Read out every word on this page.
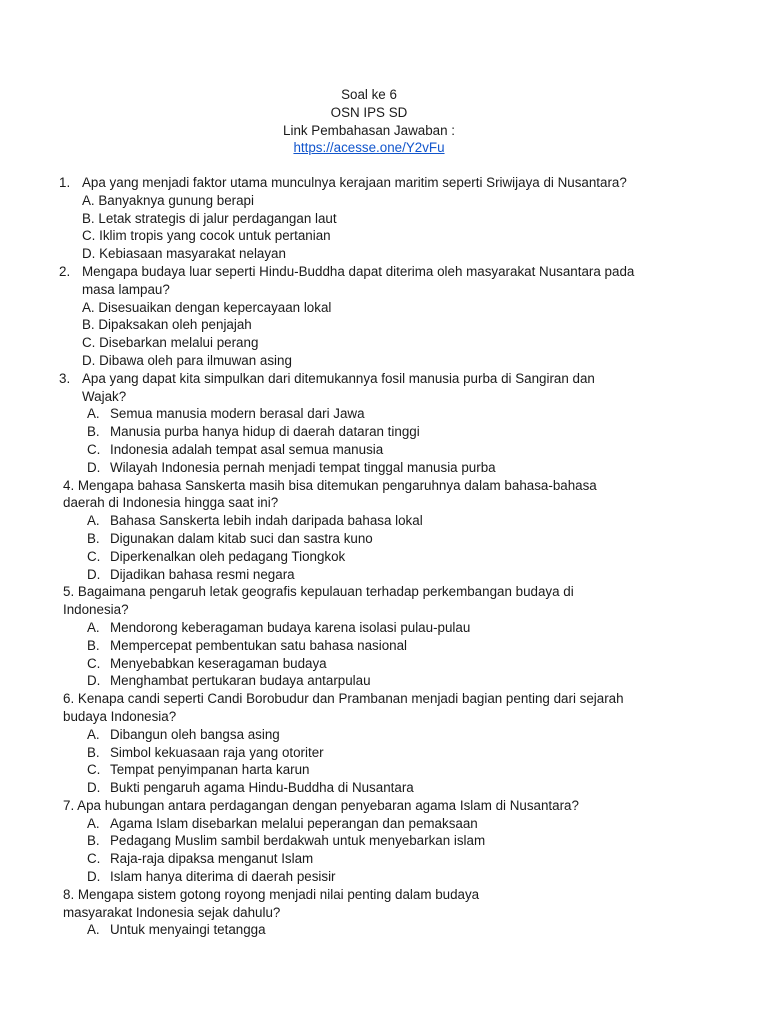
Soal ke 6
OSN IPS SD
Link Pembahasan Jawaban :
https://acesse.one/Y2vFu
1. Apa yang menjadi faktor utama munculnya kerajaan maritim seperti Sriwijaya di Nusantara?
A. Banyaknya gunung berapi
B. Letak strategis di jalur perdagangan laut
C. Iklim tropis yang cocok untuk pertanian
D. Kebiasaan masyarakat nelayan
2. Mengapa budaya luar seperti Hindu-Buddha dapat diterima oleh masyarakat Nusantara pada
masa lampau?
A. Disesuaikan dengan kepercayaan lokal
B. Dipaksakan oleh penjajah
C. Disebarkan melalui perang
D. Dibawa oleh para ilmuwan asing
3. Apa yang dapat kita simpulkan dari ditemukannya fosil manusia purba di Sangiran dan
Wajak?
A. Semua manusia modern berasal dari Jawa
B. Manusia purba hanya hidup di daerah dataran tinggi
C. Indonesia adalah tempat asal semua manusia
D. Wilayah Indonesia pernah menjadi tempat tinggal manusia purba
4. Mengapa bahasa Sanskerta masih bisa ditemukan pengaruhnya dalam bahasa-bahasa
daerah di Indonesia hingga saat ini?
A. Bahasa Sanskerta lebih indah daripada bahasa lokal
B. Digunakan dalam kitab suci dan sastra kuno
C. Diperkenalkan oleh pedagang Tiongkok
D. Dijadikan bahasa resmi negara
5. Bagaimana pengaruh letak geografis kepulauan terhadap perkembangan budaya di
Indonesia?
A. Mendorong keberagaman budaya karena isolasi pulau-pulau
B. Mempercepat pembentukan satu bahasa nasional
C. Menyebabkan keseragaman budaya
D. Menghambat pertukaran budaya antarpulau
6. Kenapa candi seperti Candi Borobudur dan Prambanan menjadi bagian penting dari sejarah
budaya Indonesia?
A. Dibangun oleh bangsa asing
B. Simbol kekuasaan raja yang otoriter
C. Tempat penyimpanan harta karun
D. Bukti pengaruh agama Hindu-Buddha di Nusantara
7. Apa hubungan antara perdagangan dengan penyebaran agama Islam di Nusantara?
A. Agama Islam disebarkan melalui peperangan dan pemaksaan
B. Pedagang Muslim sambil berdakwah untuk menyebarkan islam
C. Raja-raja dipaksa menganut Islam
D. Islam hanya diterima di daerah pesisir
8. Mengapa sistem gotong royong menjadi nilai penting dalam budaya
masyarakat Indonesia sejak dahulu?
A. Untuk menyaingi tetangga
